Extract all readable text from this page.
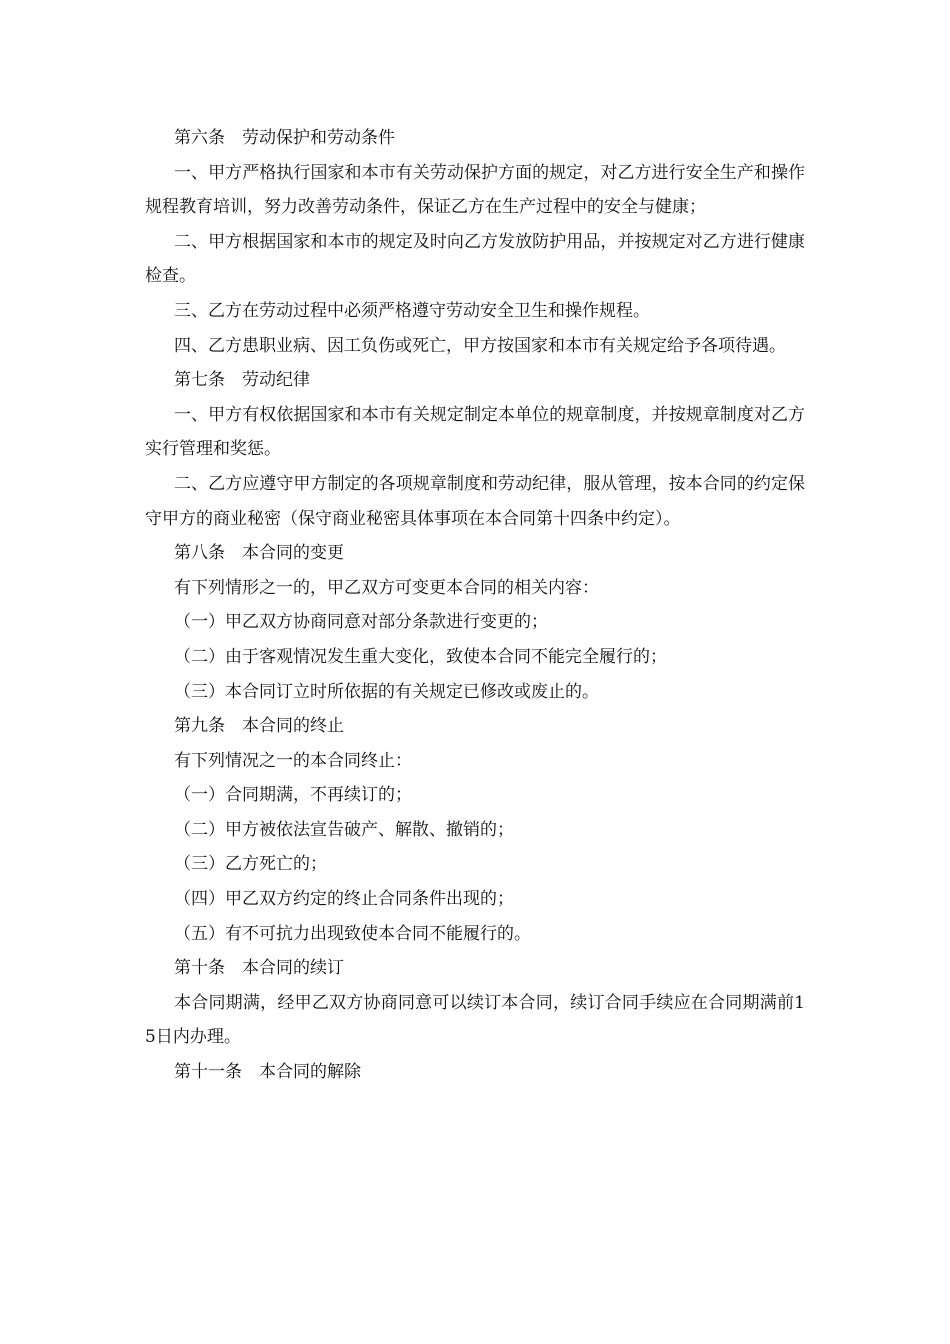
第六条　劳动保护和劳动条件

一、甲方严格执行国家和本市有关劳动保护方面的规定，对乙方进行安全生产和操作规程教育培训，努力改善劳动条件，保证乙方在生产过程中的安全与健康；

二、甲方根据国家和本市的规定及时向乙方发放防护用品，并按规定对乙方进行健康检查。

三、乙方在劳动过程中必须严格遵守劳动安全卫生和操作规程。

四、乙方患职业病、因工负伤或死亡，甲方按国家和本市有关规定给予各项待遇。

第七条　劳动纪律

一、甲方有权依据国家和本市有关规定制定本单位的规章制度，并按规章制度对乙方实行管理和奖惩。

二、乙方应遵守甲方制定的各项规章制度和劳动纪律，服从管理，按本合同的约定保守甲方的商业秘密（保守商业秘密具体事项在本合同第十四条中约定）。

第八条　本合同的变更

有下列情形之一的，甲乙双方可变更本合同的相关内容：

（一）甲乙双方协商同意对部分条款进行变更的；

（二）由于客观情况发生重大变化，致使本合同不能完全履行的；

（三）本合同订立时所依据的有关规定已修改或废止的。

第九条　本合同的终止

有下列情况之一的本合同终止：

（一）合同期满，不再续订的；

（二）甲方被依法宣告破产、解散、撤销的；

（三）乙方死亡的；

（四）甲乙双方约定的终止合同条件出现的；

（五）有不可抗力出现致使本合同不能履行的。

第十条　本合同的续订

本合同期满，经甲乙双方协商同意可以续订本合同，续订合同手续应在合同期满前15日内办理。

第十一条　本合同的解除
